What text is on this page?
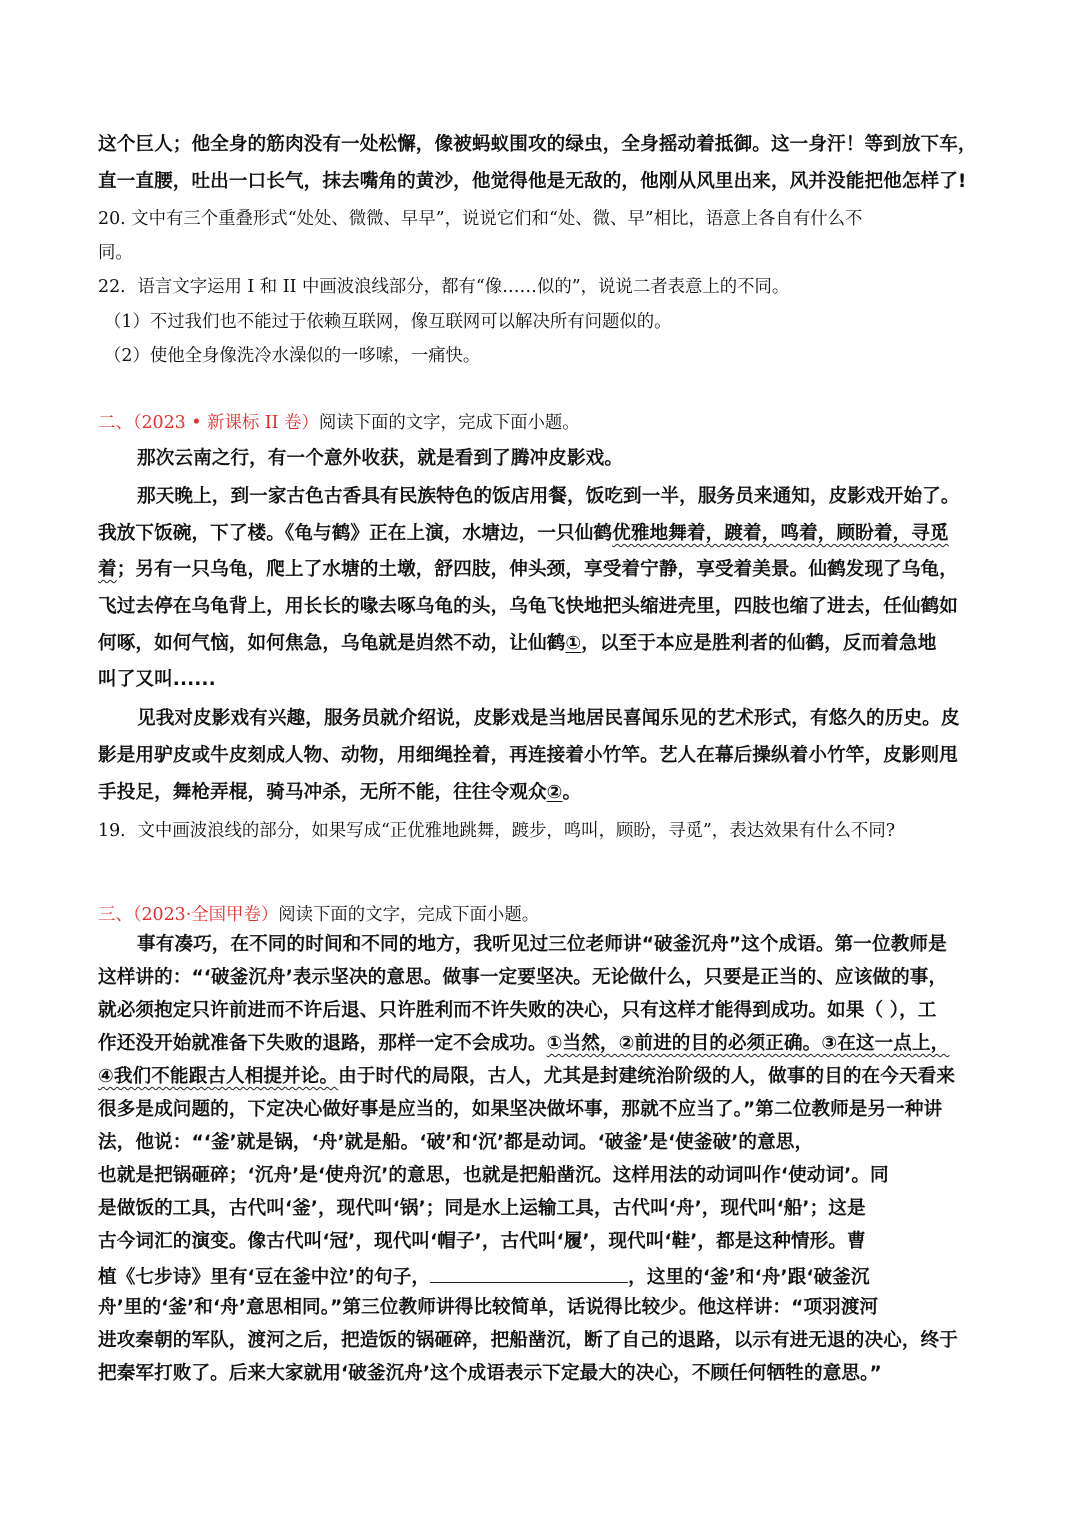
这个巨人；他全身的筋肉没有一处松懈，像被蚂蚁围攻的绿虫，全身摇动着抵御。这一身汗！等到放下车，
直一直腰，吐出一口长气，抹去嘴角的黄沙，他觉得他是无敌的，他刚从风里出来，风并没能把他怎样了!
20. 文中有三个重叠形式“处处、微微、早早”，说说它们和“处、微、早”相比，语意上各自有什么不
同。
22．语言文字运用 I 和 II 中画波浪线部分，都有“像……似的”，说说二者表意上的不同。
（1）不过我们也不能过于依赖互联网，像互联网可以解决所有问题似的。
（2）使他全身像洗冷水澡似的一哆嗦，一痛快。
二、（2023 • 新课标 II 卷）阅读下面的文字，完成下面小题。
那次云南之行，有一个意外收获，就是看到了腾冲皮影戏。
那天晚上，到一家古色古香具有民族特色的饭店用餐，饭吃到一半，服务员来通知，皮影戏开始了。
我放下饭碗，下了楼。《龟与鹤》正在上演，水塘边，一只仙鹤优雅地舞着，踱着，鸣着，顾盼着，寻觅
着；另有一只乌龟，爬上了水塘的土墩，舒四肢，伸头颈，享受着宁静，享受着美景。仙鹤发现了乌龟，
飞过去停在乌龟背上，用长长的喙去啄乌龟的头，乌龟飞快地把头缩进壳里，四肢也缩了进去，任仙鹤如
何啄，如何气恼，如何焦急，乌龟就是岿然不动，让仙鹤①，以至于本应是胜利者的仙鹤，反而着急地
叫了又叫......
见我对皮影戏有兴趣，服务员就介绍说，皮影戏是当地居民喜闻乐见的艺术形式，有悠久的历史。皮
影是用驴皮或牛皮刻成人物、动物，用细绳拴着，再连接着小竹竿。艺人在幕后操纵着小竹竿，皮影则甩
手投足，舞枪弄棍，骑马冲杀，无所不能，往往令观众②。
19．文中画波浪线的部分，如果写成“正优雅地跳舞，踱步，鸣叫，顾盼，寻觅”，表达效果有什么不同?
三、（2023·全国甲卷）阅读下面的文字，完成下面小题。
事有凑巧，在不同的时间和不同的地方，我听见过三位老师讲“破釜沉舟”这个成语。第一位教师是
这样讲的：“‘破釜沉舟’表示坚决的意思。做事一定要坚决。无论做什么，只要是正当的、应该做的事，
就必须抱定只许前进而不许后退、只许胜利而不许失败的决心，只有这样才能得到成功。如果（ ），工
作还没开始就准备下失败的退路，那样一定不会成功。①当然，②前进的目的必须正确。③在这一点上，
④我们不能跟古人相提并论。由于时代的局限，古人，尤其是封建统治阶级的人，做事的目的在今天看来
很多是成问题的，下定决心做好事是应当的，如果坚决做坏事，那就不应当了。”第二位教师是另一种讲
法，他说：“‘釜’就是锅，‘舟’就是船。‘破’和‘沉’都是动词。‘破釜’是‘使釜破’的意思，
也就是把锅砸碎；‘沉舟’是‘使舟沉’的意思，也就是把船凿沉。这样用法的动词叫作‘使动词’。同
是做饭的工具，古代叫‘釜’，现代叫‘锅’；同是水上运输工具，古代叫‘舟’，现代叫‘船’；这是
古今词汇的演变。像古代叫‘冠’，现代叫‘帽子’，古代叫‘履’，现代叫‘鞋’，都是这种情形。曹
植《七步诗》里有‘豆在釜中泣’的句子，	，这里的‘釜’和‘舟’跟‘破釜沉
舟’里的‘釜’和‘舟’意思相同。”第三位教师讲得比较简单，话说得比较少。他这样讲：“项羽渡河
进攻秦朝的军队，渡河之后，把造饭的锅砸碎，把船凿沉，断了自己的退路，以示有进无退的决心，终于
把秦军打败了。后来大家就用‘破釜沉舟’这个成语表示下定最大的决心，不顾任何牺牲的意思。”
